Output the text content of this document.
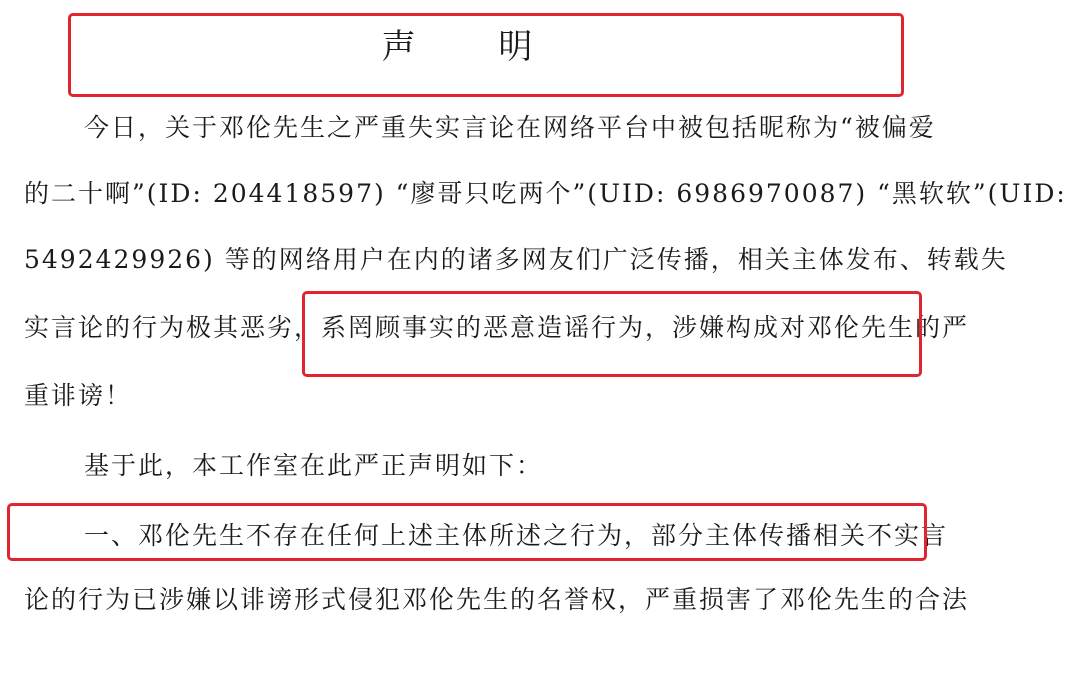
声 明
今日，关于邓伦先生之严重失实言论在网络平台中被包括昵称为“被偏爱
的二十啊”(ID: 204418597) “廖哥只吃两个”(UID: 6986970087) “黑软软”(UID:
5492429926) 等的网络用户在内的诸多网友们广泛传播，相关主体发布、转载失
实言论的行为极其恶劣，系罔顾事实的恶意造谣行为，涉嫌构成对邓伦先生的严
重诽谤！
基于此，本工作室在此严正声明如下：
一、邓伦先生不存在任何上述主体所述之行为，部分主体传播相关不实言
论的行为已涉嫌以诽谤形式侵犯邓伦先生的名誉权，严重损害了邓伦先生的合法
